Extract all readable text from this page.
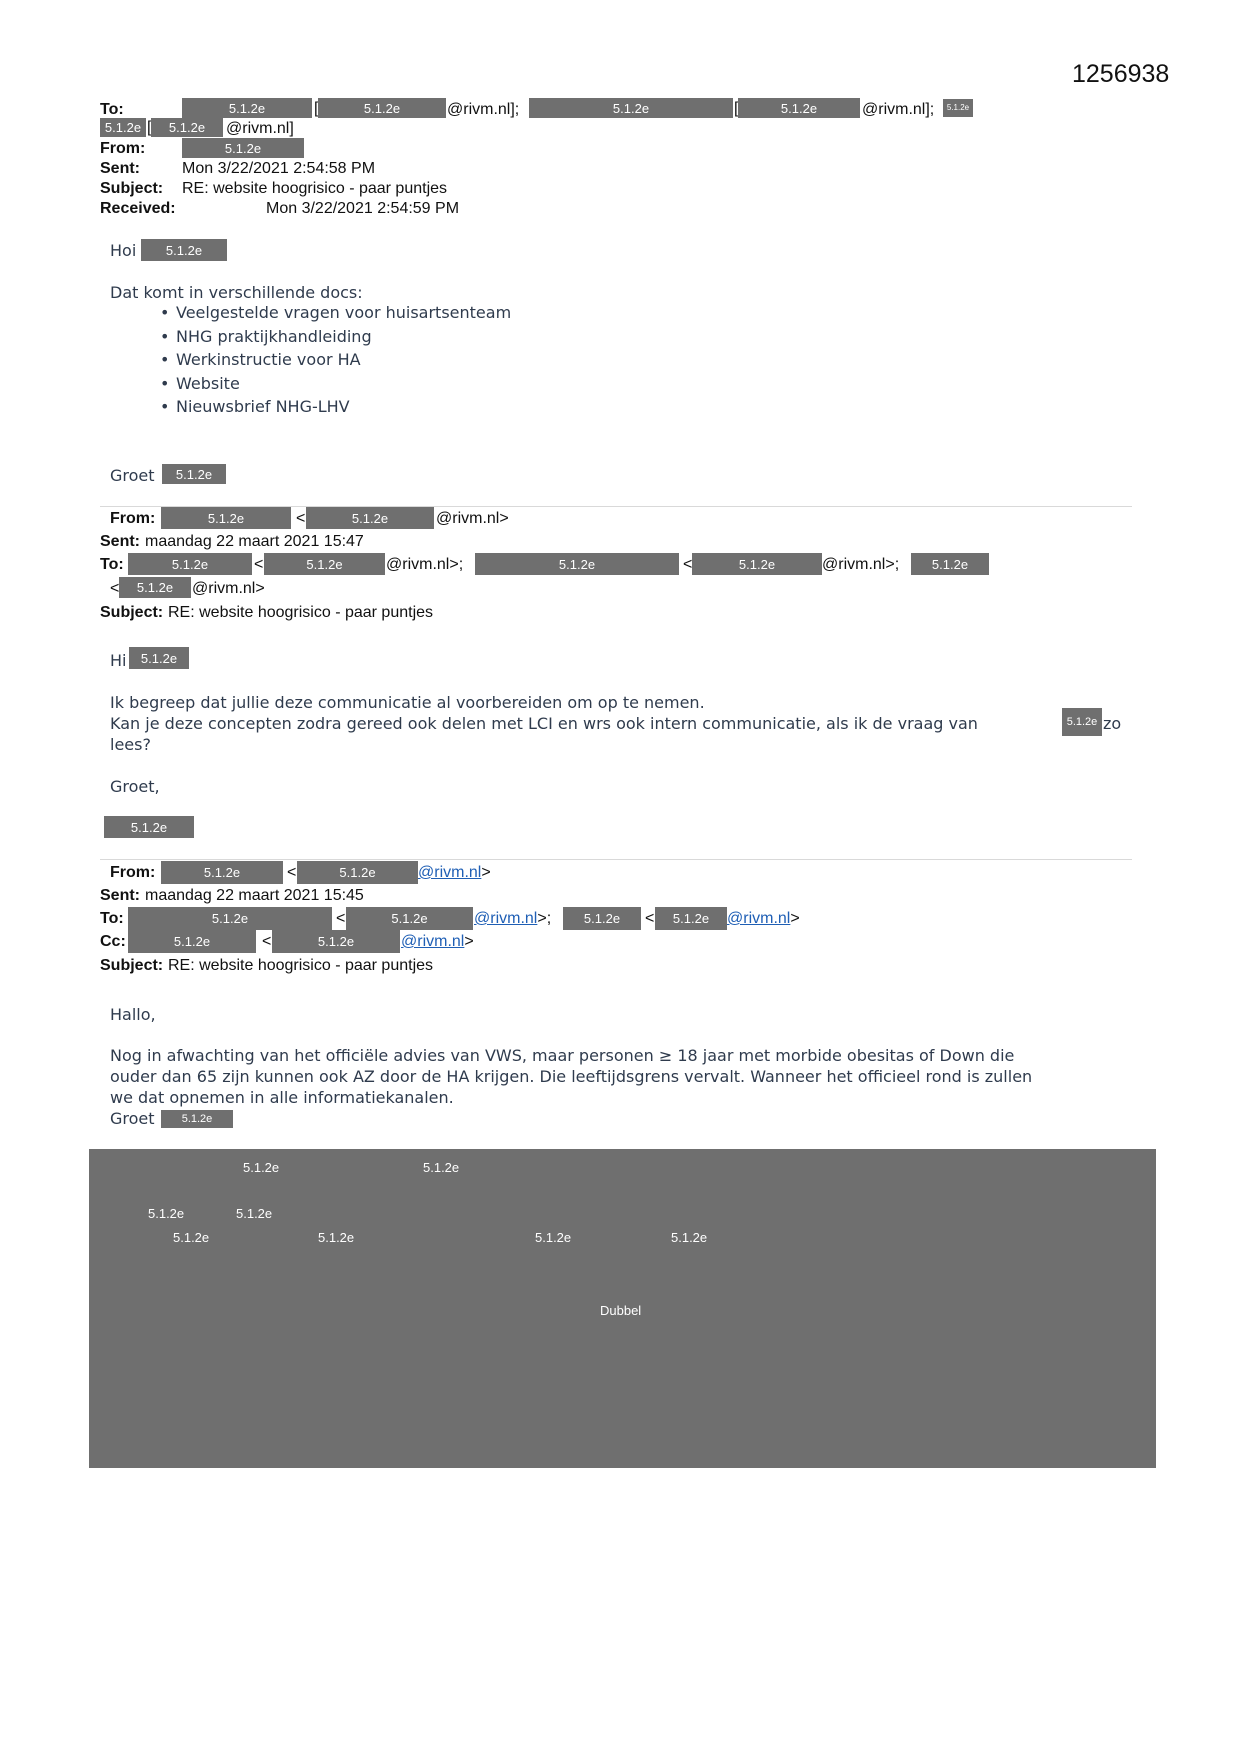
1256938
To:	5.1.2e	[	5.1.2e	@rivm.nl];	5.1.2e	[	5.1.2e	@rivm.nl];	5.1.2e
5.1.2e [	5.1.2e	@rivm.nl]
From:	5.1.2e
Sent:	Mon 3/22/2021 2:54:58 PM
Subject: RE: website hoogrisico - paar puntjes
Received:	Mon 3/22/2021 2:54:59 PM
Hoi	5.1.2e
Dat komt in verschillende docs:
• Veelgestelde vragen voor huisartsenteam
• NHG praktijkhandleiding
• Werkinstructie voor HA
• Website
• Nieuwsbrief NHG-LHV
Groet	5.1.2e
From:	5.1.2e	<	5.1.2e	@rivm.nl>
Sent: maandag 22 maart 2021 15:47
To:	5.1.2e	<	5.1.2e	@rivm.nl>;	5.1.2e	<	5.1.2e	@rivm.nl>;	5.1.2e
<	5.1.2e	@rivm.nl>
Subject: RE: website hoogrisico - paar puntjes
Hi	5.1.2e
Ik begreep dat jullie deze communicatie al voorbereiden om op te nemen.
Kan je deze concepten zodra gereed ook delen met LCI en wrs ook intern communicatie, als ik de vraag van	5.1.2e zo
lees?
Groet,
5.1.2e
From:	5.1.2e	<	5.1.2e	@rivm.nl>
Sent: maandag 22 maart 2021 15:45
To:	5.1.2e	<	5.1.2e	@rivm.nl>;	5.1.2e	<	5.1.2e	@rivm.nl>
Cc:	5.1.2e	<	5.1.2e	@rivm.nl>
Subject: RE: website hoogrisico - paar puntjes
Hallo,
Nog in afwachting van het officiële advies van VWS, maar personen ≥ 18 jaar met morbide obesitas of Down die
ouder dan 65 zijn kunnen ook AZ door de HA krijgen. Die leeftijdsgrens vervalt. Wanneer het officieel rond is zullen
we dat opnemen in alle informatiekanalen.
Groet	5.1.2e
5.1.2e	5.1.2e
5.1.2e	5.1.2e
5.1.2e	5.1.2e	5.1.2e	5.1.2e
Dubbel
